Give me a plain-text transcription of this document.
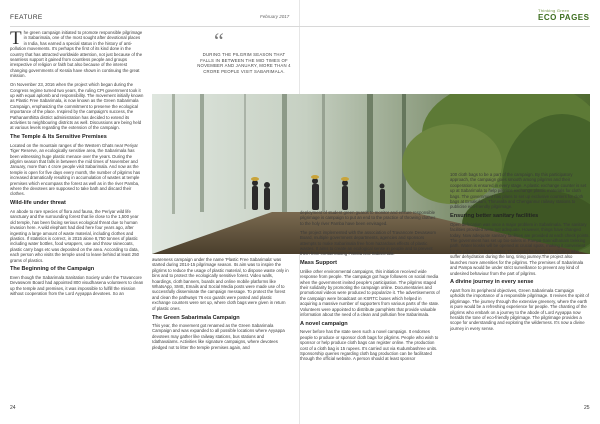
FEATURE	February 2017
Thinking Green
ECO PAGES

The green campaign initiated to promote responsible pilgrimage in Sabarimala, one of the most sought after devotional places in India, has earned a special status in the history of anti-pollution movements. It's perhaps the first of its kind done in the country that has attracted worldwide attention, not just because of the seamless support it gained from countless people and groups irrespective of religion or faith but also because of the interest changing governments of Kerala have shown in continuing the great mission.

On November 23, 2016 when the project which began during the Congress regime turned two years, the ruling CPI government took it up with equal aplomb and responsibility. The movement initially known as Plastic Free Sabarimala, is now known as the Green Sabarimala Campaign, emphasizing the commitment to preserve the ecological importance of the place. Inspired by the campaign's success, the Pathanamthitta district administration has decided to extend its activities to neighbouring districts as well. Discussions are being held at various levels regarding the extension of the campaign.

The Temple & Its Sensitive Premises

Located on the mountain ranges of the Western Ghats near Periyar Tiger Reserve, an ecologically sensitive area, the Sabarimala has been witnessing huge plastic menace over the years. During the pilgrim season that falls in between the mid times of November and January, more than 4 crore people visit Sabarimala. And now as the temple is open for five days every month, the number of pilgrims has increased dramatically resulting in accumulation of wastes at temple premises which encompass the forest as well as in the river Pamba, where the devotees are supposed to take bath and discard their clothes.

Wild-life under threat

An abode to rare species of flora and fauna, the Periyar wild life sanctuary and the surrounding forest that lie close to the 1,500 year old temple, has been facing serious ecological threat due to human invasion here. A wild elephant had died here four years ago, after ingesting a large amount of waste material, including clothes and plastics. If statistics is correct, in 2015 alone 8,750 tonnes of plastic including water bottles, food wrappers, use and throw rainecoats, plastic carry bags etc was deposited on the area. According to data, each person who visits the temple used to leave behind at least 250 grams of plastics.

The Beginning of the Campaign

Even though the Sabarimala Sanitation Society under the Travancore Devaswom Board had appointed 800 visudhasena volunteers to clean up the temple and premises, it was impossible to fulfill the mission without cooperation from the Lord Ayyappa devotees. So an

“
DURING THE PILGRIM SEASON THAT FALLS IN BETWEEN THE MID TIMES OF NOVEMBER AND JANUARY, MORE THAN 4 CRORE PEOPLE VISIT SABARIMALA.

awareness campaign under the name 'Plastic Free Sabarimala' was started during 2014-15 pilgrimage season. Its aim was to inspire the pilgrims to reduce the usage of plastic material, to dispose waste only in bins and to protect the ecologically sensitive forest. Video walls, hoardings, cloth banners, boards and online mobile platforms like WhatsApp, SMS, Emails and Social Media posts were made use of to successfully disseminate the campaign message. To protect the forest and clean the pathways 76 eco guards were posted and plastic exchange counters were set up, where cloth bags were given in return of plastic ones.

The Green Sabarimala Campaign

This year, the movement got renamed as the Green Sabarimala Campaign and was expanded to all possible locations where Ayyappa devotees may gather like railway stations, bus stations and Idathavalams. Activities like signature campaigns, where devotees pledged not to litter the temple premises again, and

deployment of student green guards to monitor and ensure responsible pilgrimage is campaign to put an end to the practice of throwing clothes to the holy river Pamba have been envisaged.

The project implemented with the association of Travancore Devaswom Board, multiple government departments, agencies and sponsors attempts to make Sabarimala free from hazardous effects of plastic wastes. It aims to create an ecological sense in people and to prevent them from contaminating Pamba and Sabarimala.

Mass Support

Unlike other environmental campaigns, this initiation received wide response from people. The campaign got huge followers on social media when the government invited people's participation. The pilgrims staged their solidarity by promoting the campaign online. Documentaries and promotional videos were produced to popularize it. The advertisements of the campaign were broadcast on KSRTC buses which helped in acquiring a massive number of supporters from various parts of the state. Volunteers were appointed to distribute pamphlets that provide valuable information about the need of a clean and pollution free Sabarimala.

A novel campaign

Never before has the state seen such a novel campaign. It endorses people to produce or sponsor cloth bags for pilgrims. People who wish to sponsor or help produce cloth bags can register online. The production cost of a cloth bag is 15 rupees. It's carried out via Kudumbashree units. Sponsorship queries regarding cloth bag production can be facilitated through the official website. A person should at least sponsor

100 cloth bags to be a part of the campaign. By this participatory approach, the campaign goes smooth among pilgrims and their cooperation is ensured in every stage. A plastic exchange counter is set up at Sabarimala to help pilgrims exchange plastic materials for cloth bags. The government has plans to set up exclusive counters for cloth bags at Ernakulam, Thiruvalla and Chengannur railway stations to publicise eco-friendly pilgrimage.

Ensuring better sanitary facilities

Open defecation was once a major problem in Sabarimala. The sanitary facilities provided were not adequate. However, things have changed today. Now adequate sanitary facilities are provided at each check points. The government has set up bio-toilets in Pampa-Sannidhanam trekking path. Water kiosks will be opened at crucial spots, making it convenient for the pilgrims to fetch water. This would be helpful for pilgrims who suffer dehydration during the long, tiring journey.The project also launches more amenities for the pilgrims. The premises of Sabarimala and Pampa would be under strict surveillance to prevent any kind of undesired behaviour from the part of pilgrims.

A divine journey in every sense

Apart from its peripheral objectives, Green Sabarimala Campaign upholds the importance of a responsible pilgrimage. It revives the spirit of pilgrimage. The journey through the extensive greenery, where the earth is pure would be a refreshing experience for people. The chanting of the pilgrims who embark on a journey to the abode of Lord Ayyappa now heralds the tone of eco-friendly pilgrimage. The pilgrimage provides a scope for understanding and exploring the wilderness. It's now a divine journey in every sense.

24	25
